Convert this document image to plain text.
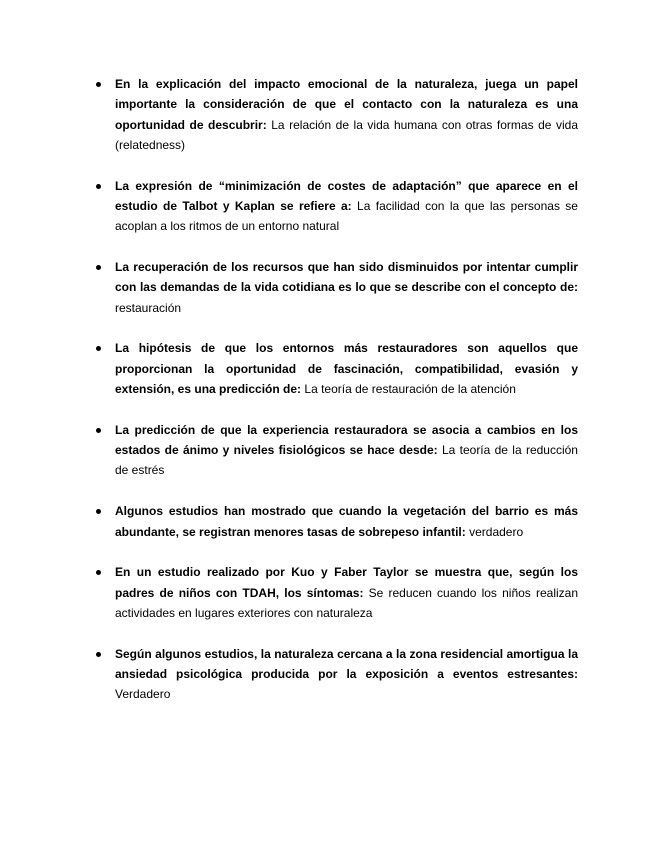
En la explicación del impacto emocional de la naturaleza, juega un papel importante la consideración de que el contacto con la naturaleza es una oportunidad de descubrir: La relación de la vida humana con otras formas de vida (relatedness)
La expresión de “minimización de costes de adaptación” que aparece en el estudio de Talbot y Kaplan se refiere a: La facilidad con la que las personas se acoplan a los ritmos de un entorno natural
La recuperación de los recursos que han sido disminuidos por intentar cumplir con las demandas de la vida cotidiana es lo que se describe con el concepto de: restauración
La hipótesis de que los entornos más restauradores son aquellos que proporcionan la oportunidad de fascinación, compatibilidad, evasión y extensión, es una predicción de: La teoría de restauración de la atención
La predicción de que la experiencia restauradora se asocia a cambios en los estados de ánimo y niveles fisiológicos se hace desde: La teoría de la reducción de estrés
Algunos estudios han mostrado que cuando la vegetación del barrio es más abundante, se registran menores tasas de sobrepeso infantil: verdadero
En un estudio realizado por Kuo y Faber Taylor se muestra que, según los padres de niños con TDAH, los síntomas: Se reducen cuando los niños realizan actividades en lugares exteriores con naturaleza
Según algunos estudios, la naturaleza cercana a la zona residencial amortigua la ansiedad psicológica producida por la exposición a eventos estresantes: Verdadero
